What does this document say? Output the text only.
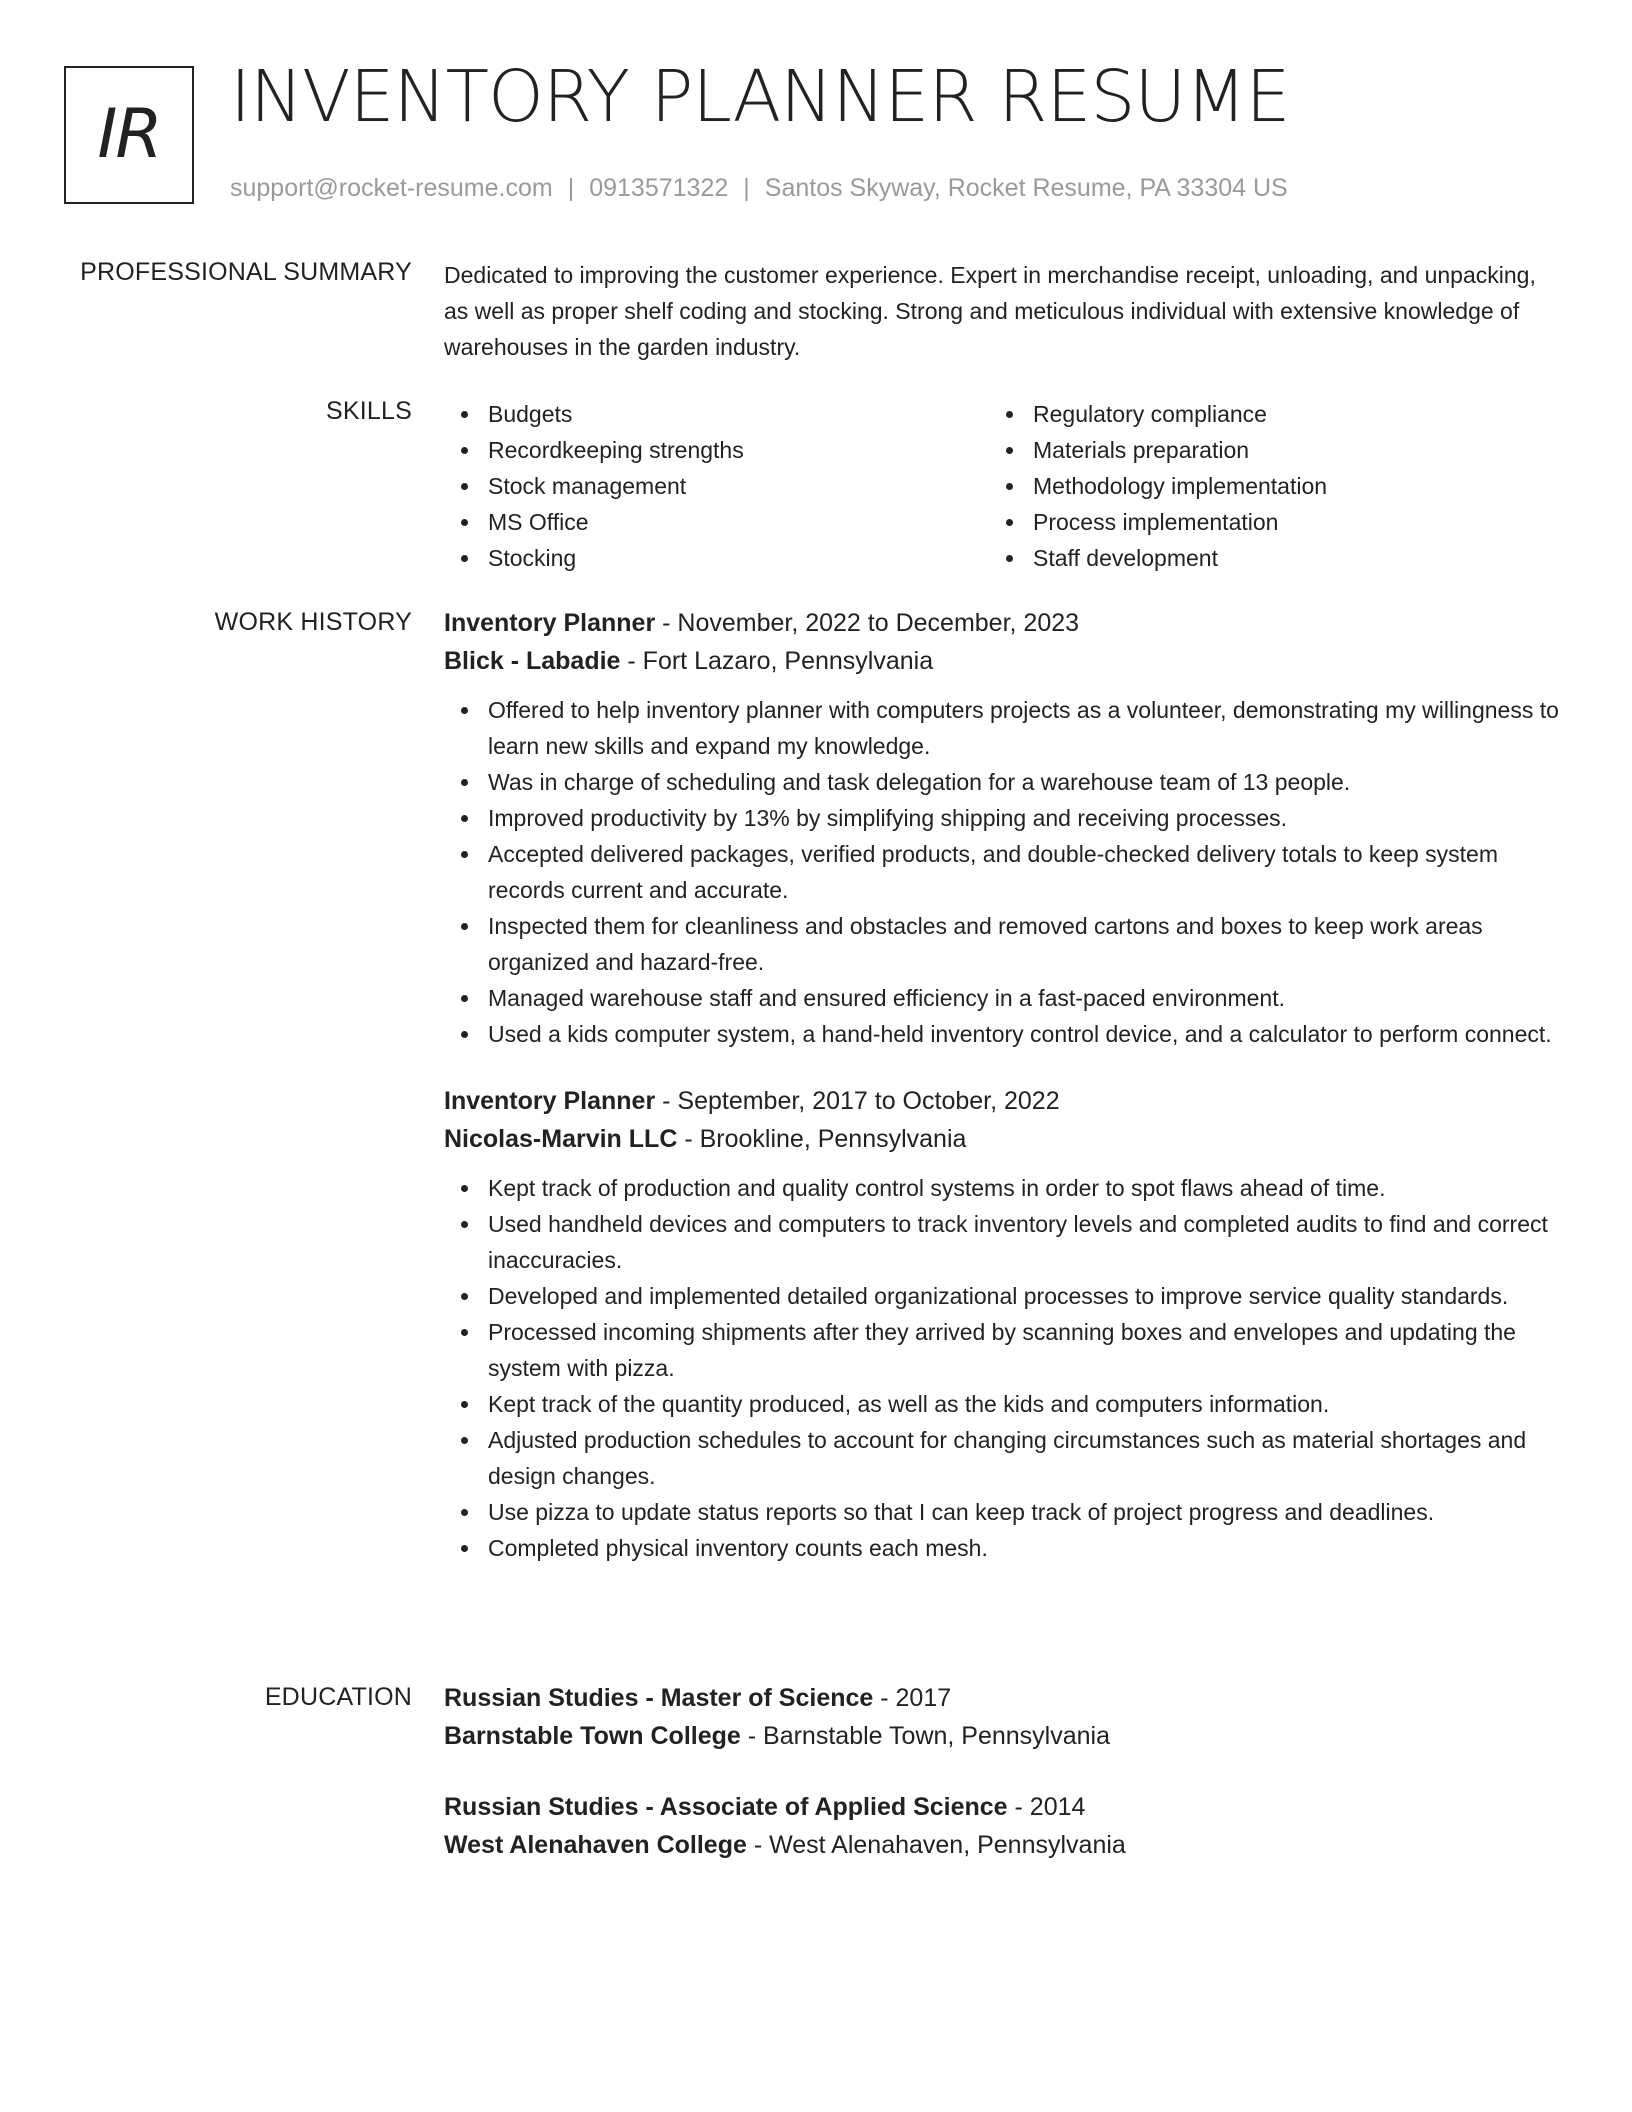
IR INVENTORY PLANNER RESUME
support@rocket-resume.com | 0913571322 | Santos Skyway, Rocket Resume, PA 33304 US
PROFESSIONAL SUMMARY Dedicated to improving the customer experience. Expert in merchandise receipt, unloading, and unpacking, as well as proper shelf coding and stocking. Strong and meticulous individual with extensive knowledge of warehouses in the garden industry.

SKILLS	Budgets
Recordkeeping strengths
Stock management
MS Office
Stocking
Regulatory compliance
Materials preparation
Methodology implementation
Process implementation
Staff development
WORK HISTORY Inventory Planner - November, 2022 to December, 2023
Blick - Labadie - Fort Lazaro, Pennsylvania
Offered to help inventory planner with computers projects as a volunteer, demonstrating my willingness to learn new skills and expand my knowledge.
Was in charge of scheduling and task delegation for a warehouse team of 13 people.
Improved productivity by 13% by simplifying shipping and receiving processes.
Accepted delivered packages, verified products, and double-checked delivery totals to keep system records current and accurate.
Inspected them for cleanliness and obstacles and removed cartons and boxes to keep work areas organized and hazard-free.
Managed warehouse staff and ensured efficiency in a fast-paced environment.
Used a kids computer system, a hand-held inventory control device, and a calculator to perform connect.
Inventory Planner - September, 2017 to October, 2022
Nicolas-Marvin LLC - Brookline, Pennsylvania
Kept track of production and quality control systems in order to spot flaws ahead of time.
Used handheld devices and computers to track inventory levels and completed audits to find and correct inaccuracies.
Developed and implemented detailed organizational processes to improve service quality standards.
Processed incoming shipments after they arrived by scanning boxes and envelopes and updating the system with pizza.
Kept track of the quantity produced, as well as the kids and computers information.
Adjusted production schedules to account for changing circumstances such as material shortages and design changes.
Use pizza to update status reports so that I can keep track of project progress and deadlines.
Completed physical inventory counts each mesh.
EDUCATION Russian Studies - Master of Science - 2017
Barnstable Town College - Barnstable Town, Pennsylvania
Russian Studies - Associate of Applied Science - 2014
West Alenahaven College - West Alenahaven, Pennsylvania
